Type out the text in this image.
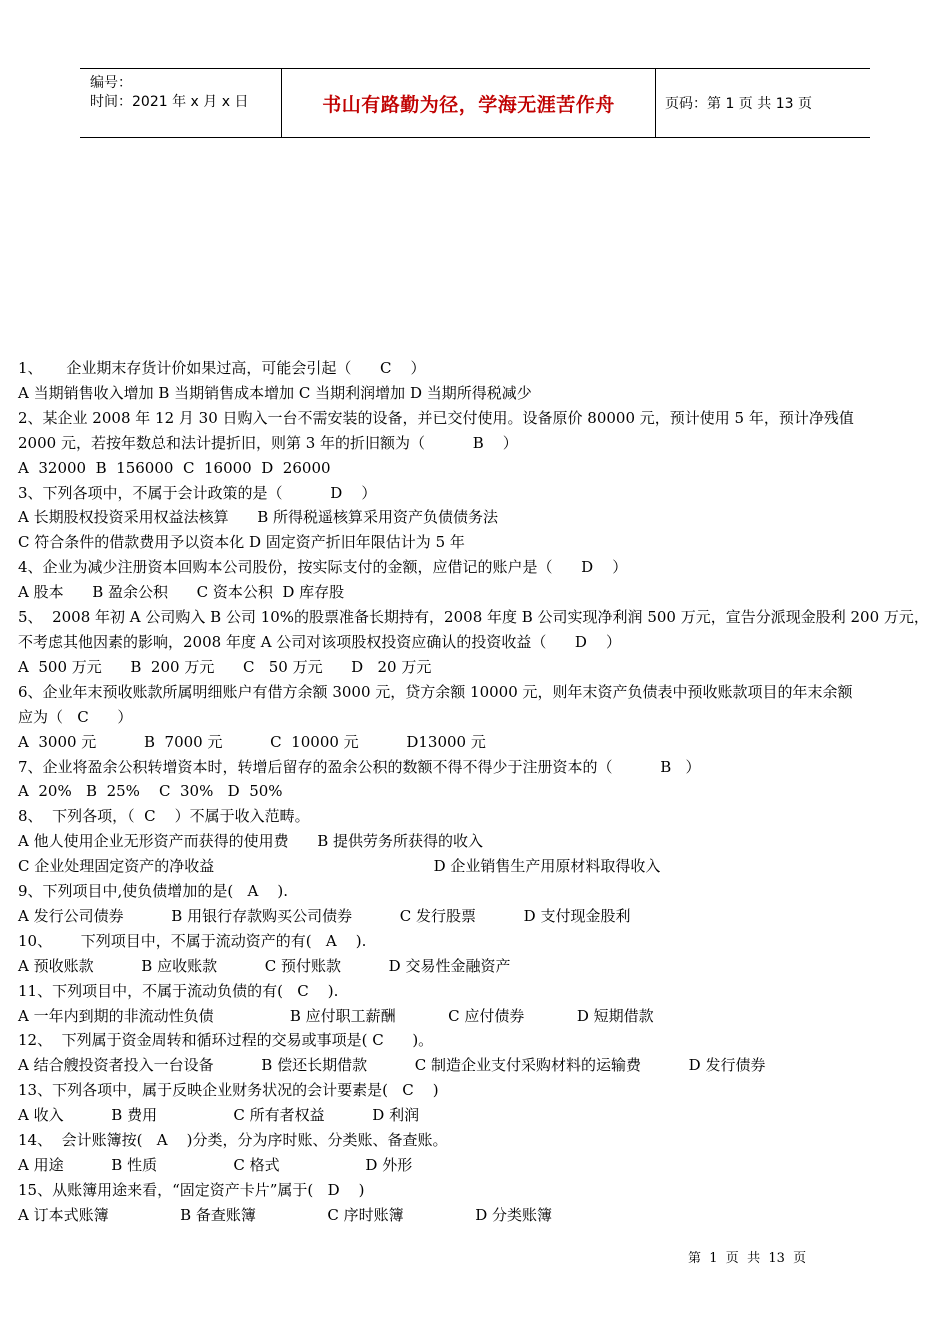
编号：
时间：2021 年 x 月 x 日	书山有路勤为径，学海无涯苦作舟	页码：第 1 页 共 13 页
1、     企业期末存货计价如果过高，可能会引起（      C    ）
A 当期销售收入增加 B 当期销售成本增加 C 当期利润增加 D 当期所得税减少
2、某企业 2008 年 12 月 30 日购入一台不需安装的设备，并已交付使用。设备原价 80000 元，预计使用 5 年，预计净残值
2000 元，若按年数总和法计提折旧，则第 3 年的折旧额为（          B    ）
A  32000  B  156000  C  16000  D  26000
3、下列各项中，不属于会计政策的是（          D    ）
A 长期股权投资采用权益法核算      B 所得税遥核算采用资产负债债务法
C 符合条件的借款费用予以资本化 D 固定资产折旧年限估计为 5 年
4、企业为减少注册资本回购本公司股份，按实际支付的金额，应借记的账户是（      D    ）
A 股本      B 盈余公积      C 资本公积  D 库存股
5、  2008 年初 A 公司购入 B 公司 10%的股票准备长期持有，2008 年度 B 公司实现净利润 500 万元，宣告分派现金股利 200 万元，
不考虑其他因素的影响，2008 年度 A 公司对该项股权投资应确认的投资收益（      D    ）
A  500 万元      B  200 万元      C   50 万元      D   20 万元
6、企业年末预收账款所属明细账户有借方余额 3000 元，贷方余额 10000 元，则年末资产负债表中预收账款项目的年末余额
应为（   C      ）
A  3000 元          B  7000 元          C  10000 元          D13000 元
7、企业将盈余公积转增资本时，转增后留存的盈余公积的数额不得不得少于注册资本的（          B   ）
A  20%   B  25%    C  30%   D  50%
8、  下列各项，（  C    ）不属于收入范畴。
A 他人使用企业无形资产而获得的使用费      B 提供劳务所获得的收入
C 企业处理固定资产的净收益                                              D 企业销售生产用原材料取得收入
9、下列项目中,使负债增加的是(   A    ).
A 发行公司债券          B 用银行存款购买公司债券          C 发行股票          D 支付现金股利
10、      下列项目中，不属于流动资产的有(   A    ).
A 预收账款          B 应收账款          C 预付账款          D 交易性金融资产
11、下列项目中，不属于流动负债的有(   C    ).
A 一年内到期的非流动性负债                B 应付职工薪酬           C 应付债券           D 短期借款
12、  下列属于资金周转和循环过程的交易或事项是( C      )。
A 结合艘投资者投入一台设备          B 偿还长期借款          C 制造企业支付采购材料的运输费          D 发行债券
13、下列各项中，属于反映企业财务状况的会计要素是(   C    )
A 收入          B 费用                C 所有者权益          D 利润
14、  会计账簿按(   A    )分类，分为序时账、分类账、备查账。
A 用途          B 性质                C 格式                  D 外形
15、从账簿用途来看，“固定资产卡片”属于(   D    )
A 订本式账簿               B 备查账簿               C 序时账簿               D 分类账簿
第  1  页  共  13  页
